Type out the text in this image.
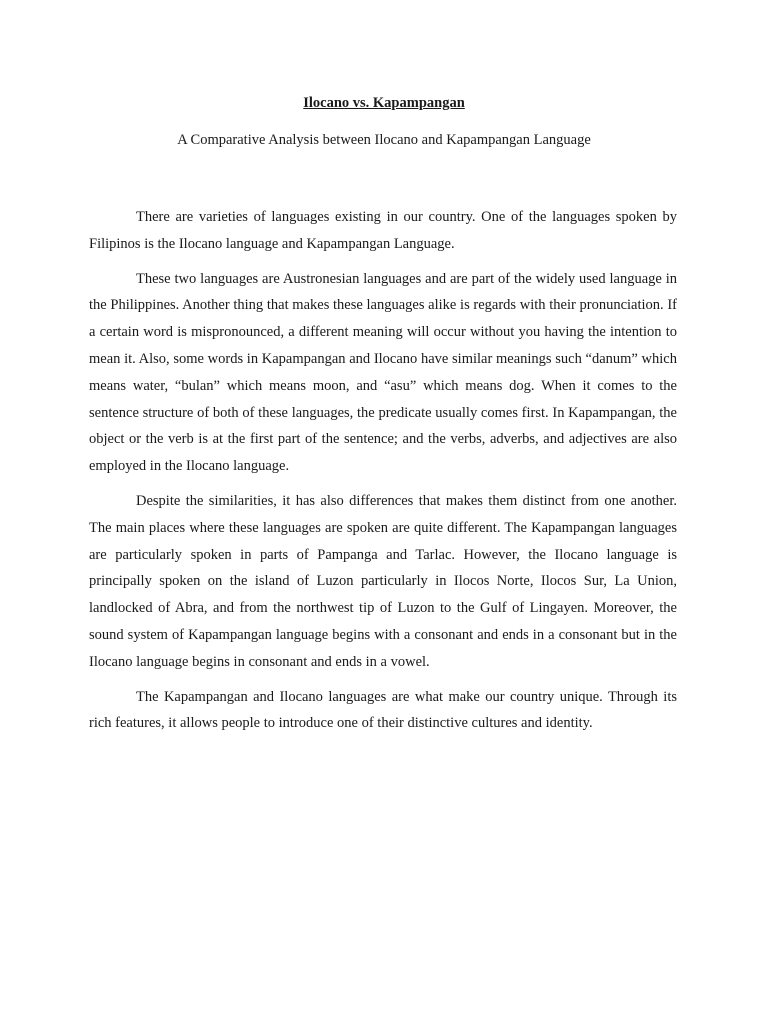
Ilocano vs. Kapampangan

A Comparative Analysis between Ilocano and Kapampangan Language

There are varieties of languages existing in our country. One of the languages spoken by Filipinos is the Ilocano language and Kapampangan Language.

These two languages are Austronesian languages and are part of the widely used language in the Philippines. Another thing that makes these languages alike is regards with their pronunciation. If a certain word is mispronounced, a different meaning will occur without you having the intention to mean it. Also, some words in Kapampangan and Ilocano have similar meanings such “danum” which means water, “bulan” which means moon, and “asu” which means dog. When it comes to the sentence structure of both of these languages, the predicate usually comes first. In Kapampangan, the object or the verb is at the first part of the sentence; and the verbs, adverbs, and adjectives are also employed in the Ilocano language.

Despite the similarities, it has also differences that makes them distinct from one another. The main places where these languages are spoken are quite different. The Kapampangan languages are particularly spoken in parts of Pampanga and Tarlac. However, the Ilocano language is principally spoken on the island of Luzon particularly in Ilocos Norte, Ilocos Sur, La Union, landlocked of Abra, and from the northwest tip of Luzon to the Gulf of Lingayen. Moreover, the sound system of Kapampangan language begins with a consonant and ends in a consonant but in the Ilocano language begins in consonant and ends in a vowel.

The Kapampangan and Ilocano languages are what make our country unique. Through its rich features, it allows people to introduce one of their distinctive cultures and identity.
